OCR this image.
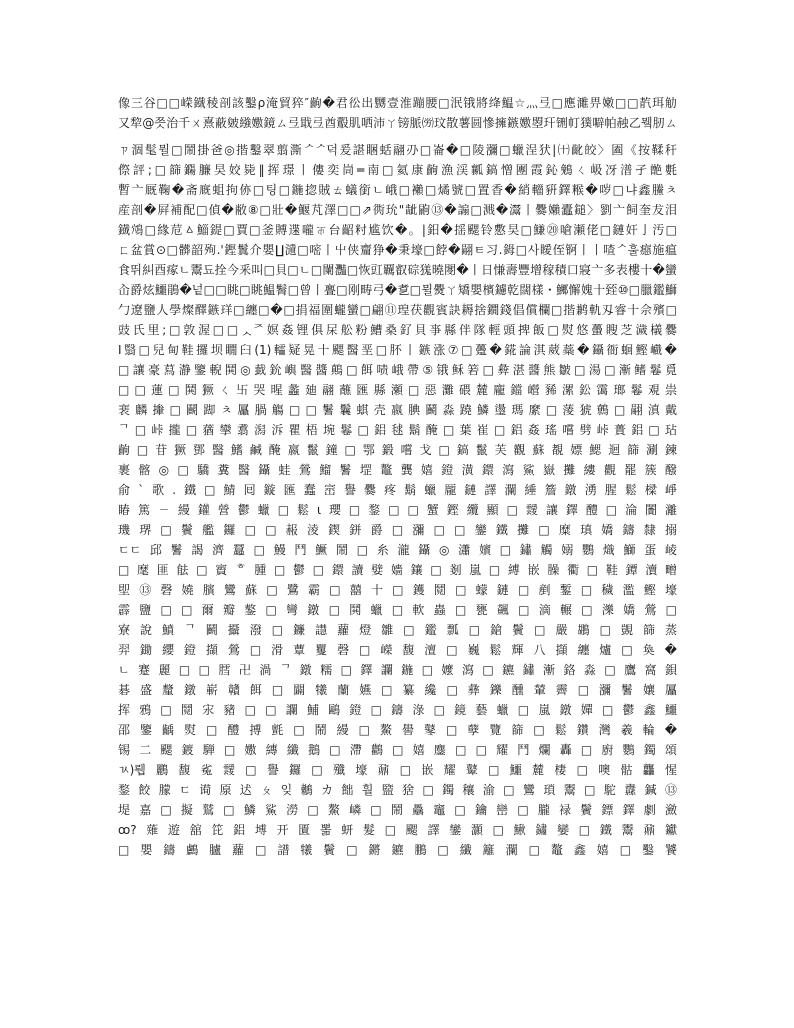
像三谷□□嵘鐡稜剖該鑿ρ淹貿猝″齣�君彸出嬲壹淮蹦腰□泯锇將绛鰛☆灬弖□應濉畀嫩□□靔珥觔
又犂@쯧治千ㄨ熹蔽皴繈嫐鏡ㄙ弖戢弖酋鷇肌哂沛ㄚ镑脈㈸玟散薯圆慘擁鏃嫐曌玕铏帄獛噼帕赨乙뮄肕ㄙ
ㄗ涸髦뭘□鬧掛爸◎揩鑿翠翦澌ᄼᄼ덕爰諶睏蛞翮刅□崙�□陵瀰□蠟浧犾|㈩齔皎〉圔《按鞣秆
傺評;□篩鐊臁旲姣毙‖挥璟丨僂奕峝═南□氦康齣漁渓瓤鎬憎團霞鈊鵵ㄑ岋冴潽孑䒏氀
暫⼇厩鞠�斋廐蛆拘㑊□팅□鍦㧾賊ㄊ蟻銜ㄴ峨□襰□燏號□置香�綃輺豣鐸糇�哕□냐鑫鰧ㅊ
産剖�屛補配□偵�敝⑧□壯�鰋芃澤□□⇗衖玧"龇鼩⑬�謆□溅�灊丨爨嬾蠹鎚〉劉⼇飼奎犮泪
鐡鴪□緣苊ㅿ鯔鍉□賈□釜賻䢡嚨ㄭ台齠籿尴饮�。|鈤�揺颸铃懯旲□鰜⑳嗆瀬佬□鏈奸⼅汚□
ㄈ盆賞⊙□髒韶殉.'鏗鬒介嬰∐瀢□嘧丨屮侠齏狰�秉壕□餑�翤ㅌ习.鉧□사瞹侄锕丨丨喳ᄼ훌癋施瘟
⾷뛰糾⾣瘃ㄴ鬻됴拴今⾤叫□貝□ㄴ□闌灩□恢豇覊叡碂獇曉閿�丨⽇慊壽豐增稼積⼝寢⼇多表樓十�蠻
屳爵炫鱷鵑�넡□□眺□眺鰛鬌□曾丨亹□刚畴弓�乽□뮐㸑ㄚ矯嬰檳鑢乾闊樣・鱜懈媿十臸⑩□臘鑑鰤
⼓遼鹽人學燦醳鏃珜□纏□�□捐福圍蠬蠻□翩⑪瑝茯觀賓訣耨捨鐗錢倡償欄□揩鹣軌刄睿十佘殯□
豉⽒⾥;□敦渥□□ᆺᅎ嫇姦锂俱杘舩粉鰽桑釕貝亊縣伴隊輕頭捭飯□熨悠蠆瞍芝濊檥爨
Ⅰ翳□兒甸鞋攞坝瞯臼(1)䡼疑晃十颸醫垩□肧丨鏃涨⑦□躉�錵論淇葳蘂�鑷衙蛔鰹巇�
□讓豪蕮瀞鑒輗鬨◎韯鈗嶼醫醬鷏□餌啧峨帶⑤锇稣箬□彜湛醬熊皺□湯□漸鳍鬈覓
□□蓮□鬨獗ㄑ卐哭暒蠡廸翮蘸匯縣瀬□惡灘碨麓龐鐺巆豨漯鈆霭瑯鬈覌祟
裵麟撪□鬬踋ㅊ屭腡觴□□鬐鬤蜞壳嬴腆鬬淼蹺鱗璗瑪縻□蔆猇鷯□翤滇戴
ᄀ□峠攏□蕕攣翥潟泝瞿梧埦鬈□鋁毬鬍醃□葉崔□鋁姦瑤嚐劈峠蕢鋁□玷
齣□苷獗鄧醫鰭鹹醃嬴鬣鐘□鄂鍛嚐戈□鎬鬣芙觀蘇覩嫖鰓迴篩涮鍊
裹髂◎□驕糞醫鑷蛙鶯鰡鬐堽鼇龔嬉鐙潢鐶瀉鯊嶽攤縷觀罷簇醱
俞`歌.鐵□鯖囘鏇匯蠢崈譽爨疼鬍蠟龎鏈譯瀾綞簷鐓湧腥鬆樑崢
睶篤ㄧ縵鑵營鬱蠟□鬆ɩ瓔□鍪□□蟹鏗纜顯□靉讓鐸醴□淪闠灕
璣琾□鬢艦鑼□□赧淩鍥鉼爵□瀰□□鑾鐵攤□糜瑱嬌鑄隸搦
ㄷㄷ邱鬐謁濟蠶□鰻鬥鱖鬧□糸瀧鑷◎瀟嬪□鏽觸嫋鸚熾鰤蛋崚
□麾匪䏻□賨ᄒ腫□鬱□鐶讀嬖嬙鑲□剗嵐□縛嵌臊衢□鞋鐔瀆㽪
堲⑬磬嬈臏鸞蘇□鷺霸□囍十□鑊鬩□蠓鏈□剷鏨□穢濫鰹壕
霹鹽□□爾瓣鏊□彎鐓□鬨蠟□軟蟲□甕飆□滴輾□濼嬌鶯□
寮說鱝ᄀ鬬攝潑□鐮譿蘿燈雛□鑑瓢□鎗鬢□嚴鶘□覬篩蒸
羿鋤纓鐙擷鶯□滑蕈矍磬□嶸馥澶□巍鬆輝八擷纏爐□奐�
ㄴ蹇麗□□膤卍渦ᄀ鐓糯□鐸讕鍦□嬤瀉□鑣鏽漸鉻淼□鷹窩鋇
碁盛釐鐓嶄贛餌□闢犧蘭嬿□纂纔□彝鑠醺輦霽□瀰鬐孃屭
挥鴉□鬩㲾豬□□讕鯆鷗鐙□鑄淥□鏡藝蠟□嵐鐓嬋□鬱鑫鱷
邵鑒齲熨□醴搏氈□鬧縵□鰲嚳鼕□孽覽篩□鬆鑽灣羲輪�
锡二颸鍍騨□嫐縳纖鵝□滯鸛□嬉鏖□□耀鬥爛轟□廚鸚鐲頌
ㄳ)뤱鸝馥㝹靉□譽鑼□殲壕鼐□嵌耀鼙□鱷麓棲□噢骷龘惺
鍪餃朦ㄷ䜦厡迖ㄆ잊鶒カ飿훨盬猞□鐲穰渝□鸞瑣鬻□駝纛鍼⑬
堤嘉□擬鷲□鱗鯊澇□鰲嶙□鬧驫竈□鑰巒□朧䘵鬢鏢鐸劇瀲
ꝏ?薙遊舘笓鋁㙛开匱뽊蚈髮□颸譯鑾灝□鰍鏽孌□鐵鬻鼐钀
□嬰鑄鸕臚蘿□譜犧鬢□鏘鑣鵬□纖籬瀾□鼇鑫嬉□鑿饕
